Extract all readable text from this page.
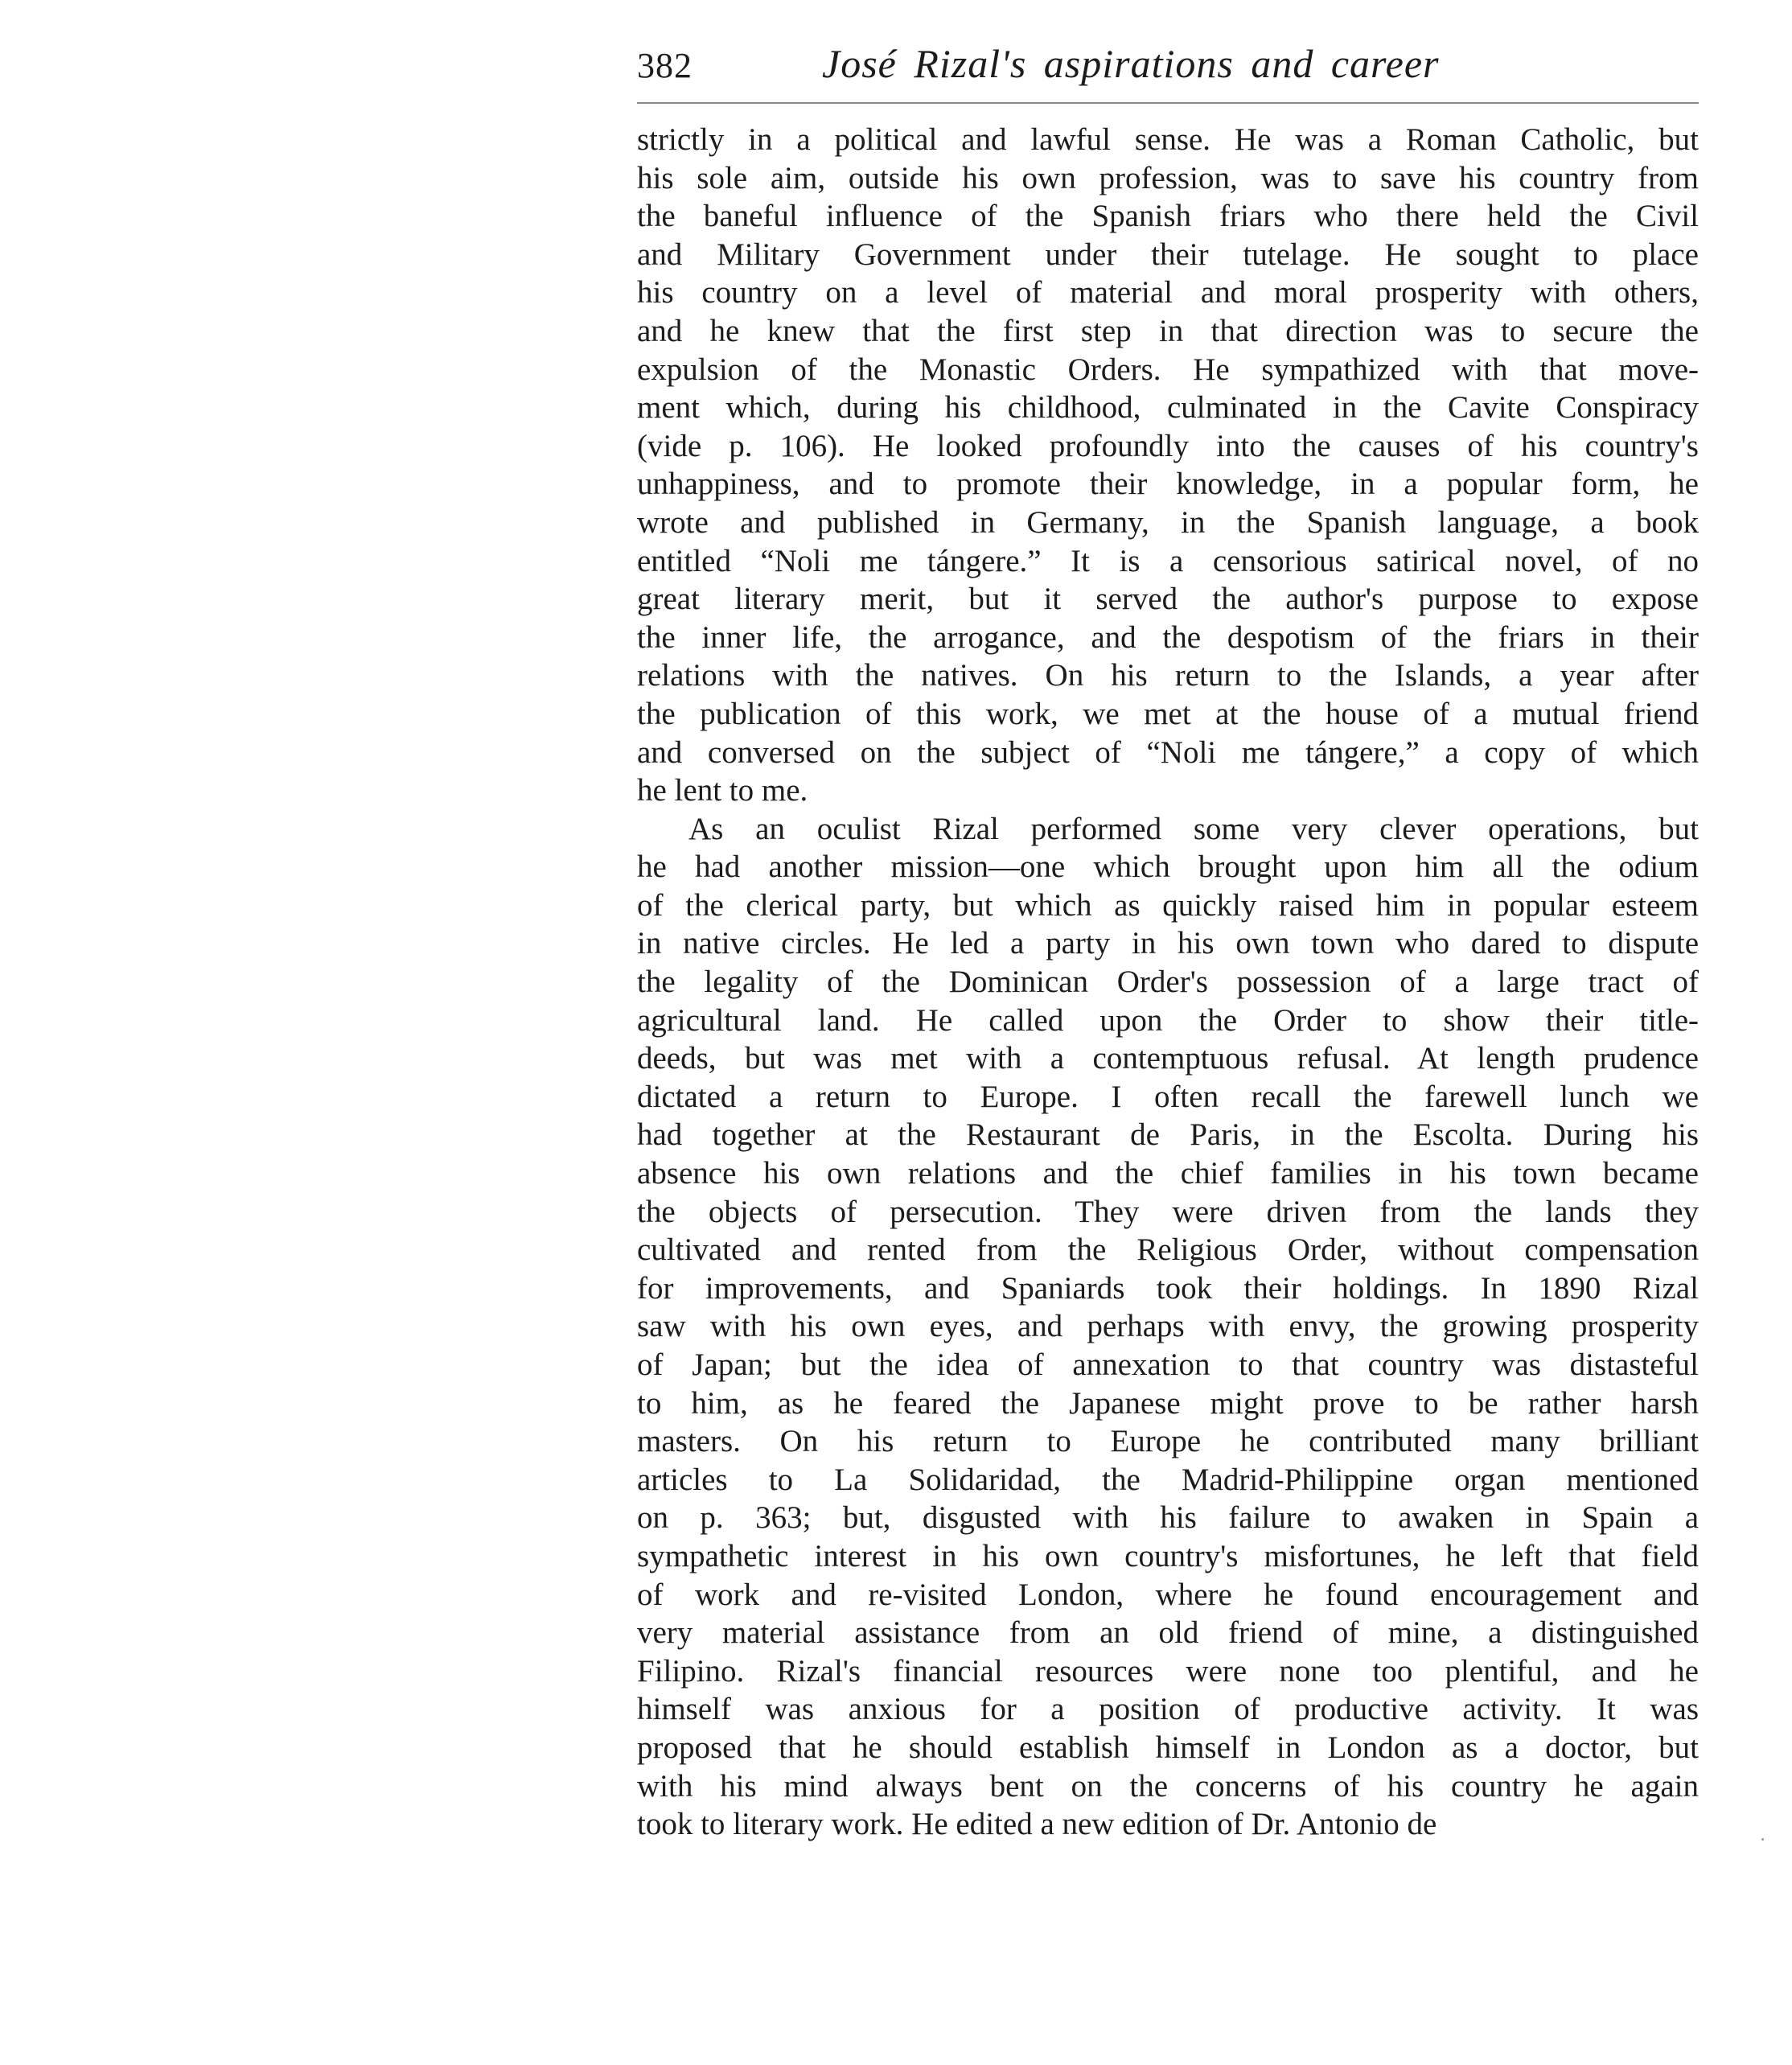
382	José Rizal's aspirations and career
strictly in a political and lawful sense. He was a Roman Catholic, but
his sole aim, outside his own profession, was to save his country from
the baneful influence of the Spanish friars who there held the Civil
and Military Government under their tutelage. He sought to place
his country on a level of material and moral prosperity with others,
and he knew that the first step in that direction was to secure the
expulsion of the Monastic Orders. He sympathized with that move-
ment which, during his childhood, culminated in the Cavite Conspiracy
(vide p. 106). He looked profoundly into the causes of his country's
unhappiness, and to promote their knowledge, in a popular form, he
wrote and published in Germany, in the Spanish language, a book
entitled “Noli me tángere.” It is a censorious satirical novel, of no
great literary merit, but it served the author's purpose to expose
the inner life, the arrogance, and the despotism of the friars in their
relations with the natives. On his return to the Islands, a year after
the publication of this work, we met at the house of a mutual friend
and conversed on the subject of “Noli me tángere,” a copy of which
he lent to me.
As an oculist Rizal performed some very clever operations, but
he had another mission—one which brought upon him all the odium
of the clerical party, but which as quickly raised him in popular esteem
in native circles. He led a party in his own town who dared to dispute
the legality of the Dominican Order's possession of a large tract of
agricultural land. He called upon the Order to show their title-
deeds, but was met with a contemptuous refusal. At length prudence
dictated a return to Europe. I often recall the farewell lunch we
had together at the Restaurant de Paris, in the Escolta. During his
absence his own relations and the chief families in his town became
the objects of persecution. They were driven from the lands they
cultivated and rented from the Religious Order, without compensation
for improvements, and Spaniards took their holdings. In 1890 Rizal
saw with his own eyes, and perhaps with envy, the growing prosperity
of Japan; but the idea of annexation to that country was distasteful
to him, as he feared the Japanese might prove to be rather harsh
masters. On his return to Europe he contributed many brilliant
articles to La Solidaridad, the Madrid-Philippine organ mentioned
on p. 363; but, disgusted with his failure to awaken in Spain a
sympathetic interest in his own country's misfortunes, he left that field
of work and re-visited London, where he found encouragement and
very material assistance from an old friend of mine, a distinguished
Filipino. Rizal's financial resources were none too plentiful, and he
himself was anxious for a position of productive activity. It was
proposed that he should establish himself in London as a doctor, but
with his mind always bent on the concerns of his country he again
took to literary work. He edited a new edition of Dr. Antonio de
